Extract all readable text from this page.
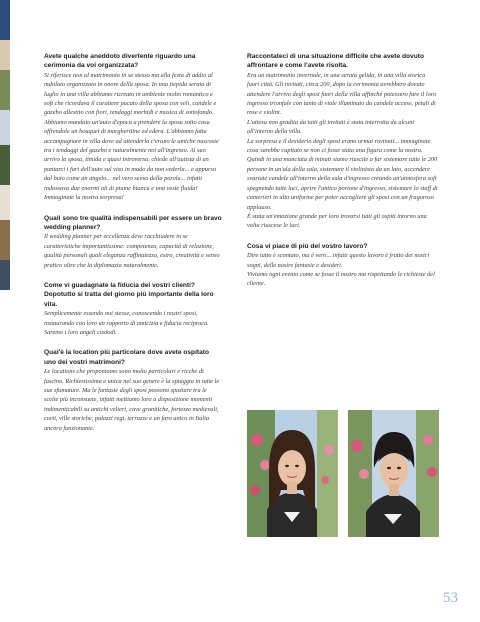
Avete qualche aneddoto divertente riguardo una cerimonia da voi organizzata?
Si riferisce non al matrimonio in se stesso ma alla festa di addio al nubilato organizzato in onore della sposa. In una tiepida serata di luglio in una villa abbiamo ricreato in ambiente molto romantico e soft che ricordava il carattere pacato della sposa con veli, candele e gazebo allestito con fiori, tendaggi morbidi e musica di sottofondo. Abbiamo mandato un'auto d'epoca a prendere la sposa sotto casa offrendole un bouquet di margheritine ed edera. L'abbiamo fatta accompagnare in villa dove ad attenderla c'erano le amiche nascoste tra i tendaggi del gazebo e naturalmente noi all'ingresso. Al suo arrivo la sposa, timida e quasi introversa, chiede all'autista di un puntarci i fari dell'auto sul viso in modo da non vederla... e appurso dal buio come un angelo... nel vero senso della parola... infatti indossava due enormi ali di piume bianca e una veste fluida! Immaginate la nostra sorpresa!
Quali sono tre qualità indispensabili per essere un bravo wedding planner?
Il wedding planner per eccellenza deve racchiudere in se caratteristiche importantissime: competenza, capacità di relazione, qualità personali quali eleganza raffinatezza, estro, creatività e senso pratico oltre che la diplomazia naturalmente.
Come vi guadagnate la fiducia dei vostri clienti? Dopotutto si tratta del giorno più importante della loro vita.
Semplicemente essendo noi stesse, conoscendo i nostri sposi, instaurando con loro un rapporto di amicizia e fiducia reciproca. Saremo i loro angeli custodi.
Qual'è la location più particolare dove avete ospitato uno dei vostri matrimoni?
Le locations che proponiamo sono molto particolari e ricche di fascino. Richiestissima e unica nel suo genere è la spiaggia in tutte le sue sfumature. Ma le fantasie degli sposi possono spaziare tra le scelte più inconsuete, infatti mettiamo loro a disposizione momenti indimenticabili su antichi velieri, cave granitiche, fortezze medievali, corti, ville storiche, palazzi regi, terrazze e un faro unico in Italia ancora funzionante.
Raccontateci di una situazione difficile che avete dovuto affrontare e come l'avete risolta.

Era un matrimonio invernale, in una serata gelida, in una villa storica fuori città. Gli invitati, circa 200, dopo la cerimonia avrebbero dovuto attendere l'arrivo degli sposi fuori della villa affinché potessero fare il loro ingresso trionfale con tanto di viale illuminato da candele accese, petali di rose e violini.

L'attesa non gradita da tutti gli invitati è stata interrotta da alcuni all'interno della villa.

La sorpresa e il desiderio degli sposi erano ormai rovinati... immaginate cosa sarebbe capitato se non ci fosse stata una figura come la nostra. Quindi in una manciata di minuti siamo riuscite a far sistemare tutte le 200 persone in un'ala della sala, sistemare il violinista da un lato, accendere svariate candele all'interno della sala d'ingresso creando un'atmosfera soft spegnendo tutte luci, aprire l'antico portone d'ingresso, sistemare lo staff di camerieri in alta uniforme per poter accogliere gli sposi con un fragoroso applauso.

È stata un'emozione grande per loro trovarsi tutti gli ospiti intorno una volta riuscese le luci.

Cosa vi piace di più del vostro lavoro?

Dire tutto è scontato, ma è vero... infatti questo lavoro è frutto dei nostri sogni, delle nostre fantasie e desideri.

Viviamo ogni evento come se fosse il nostro ma rispettando le richieste del cliente.

53
